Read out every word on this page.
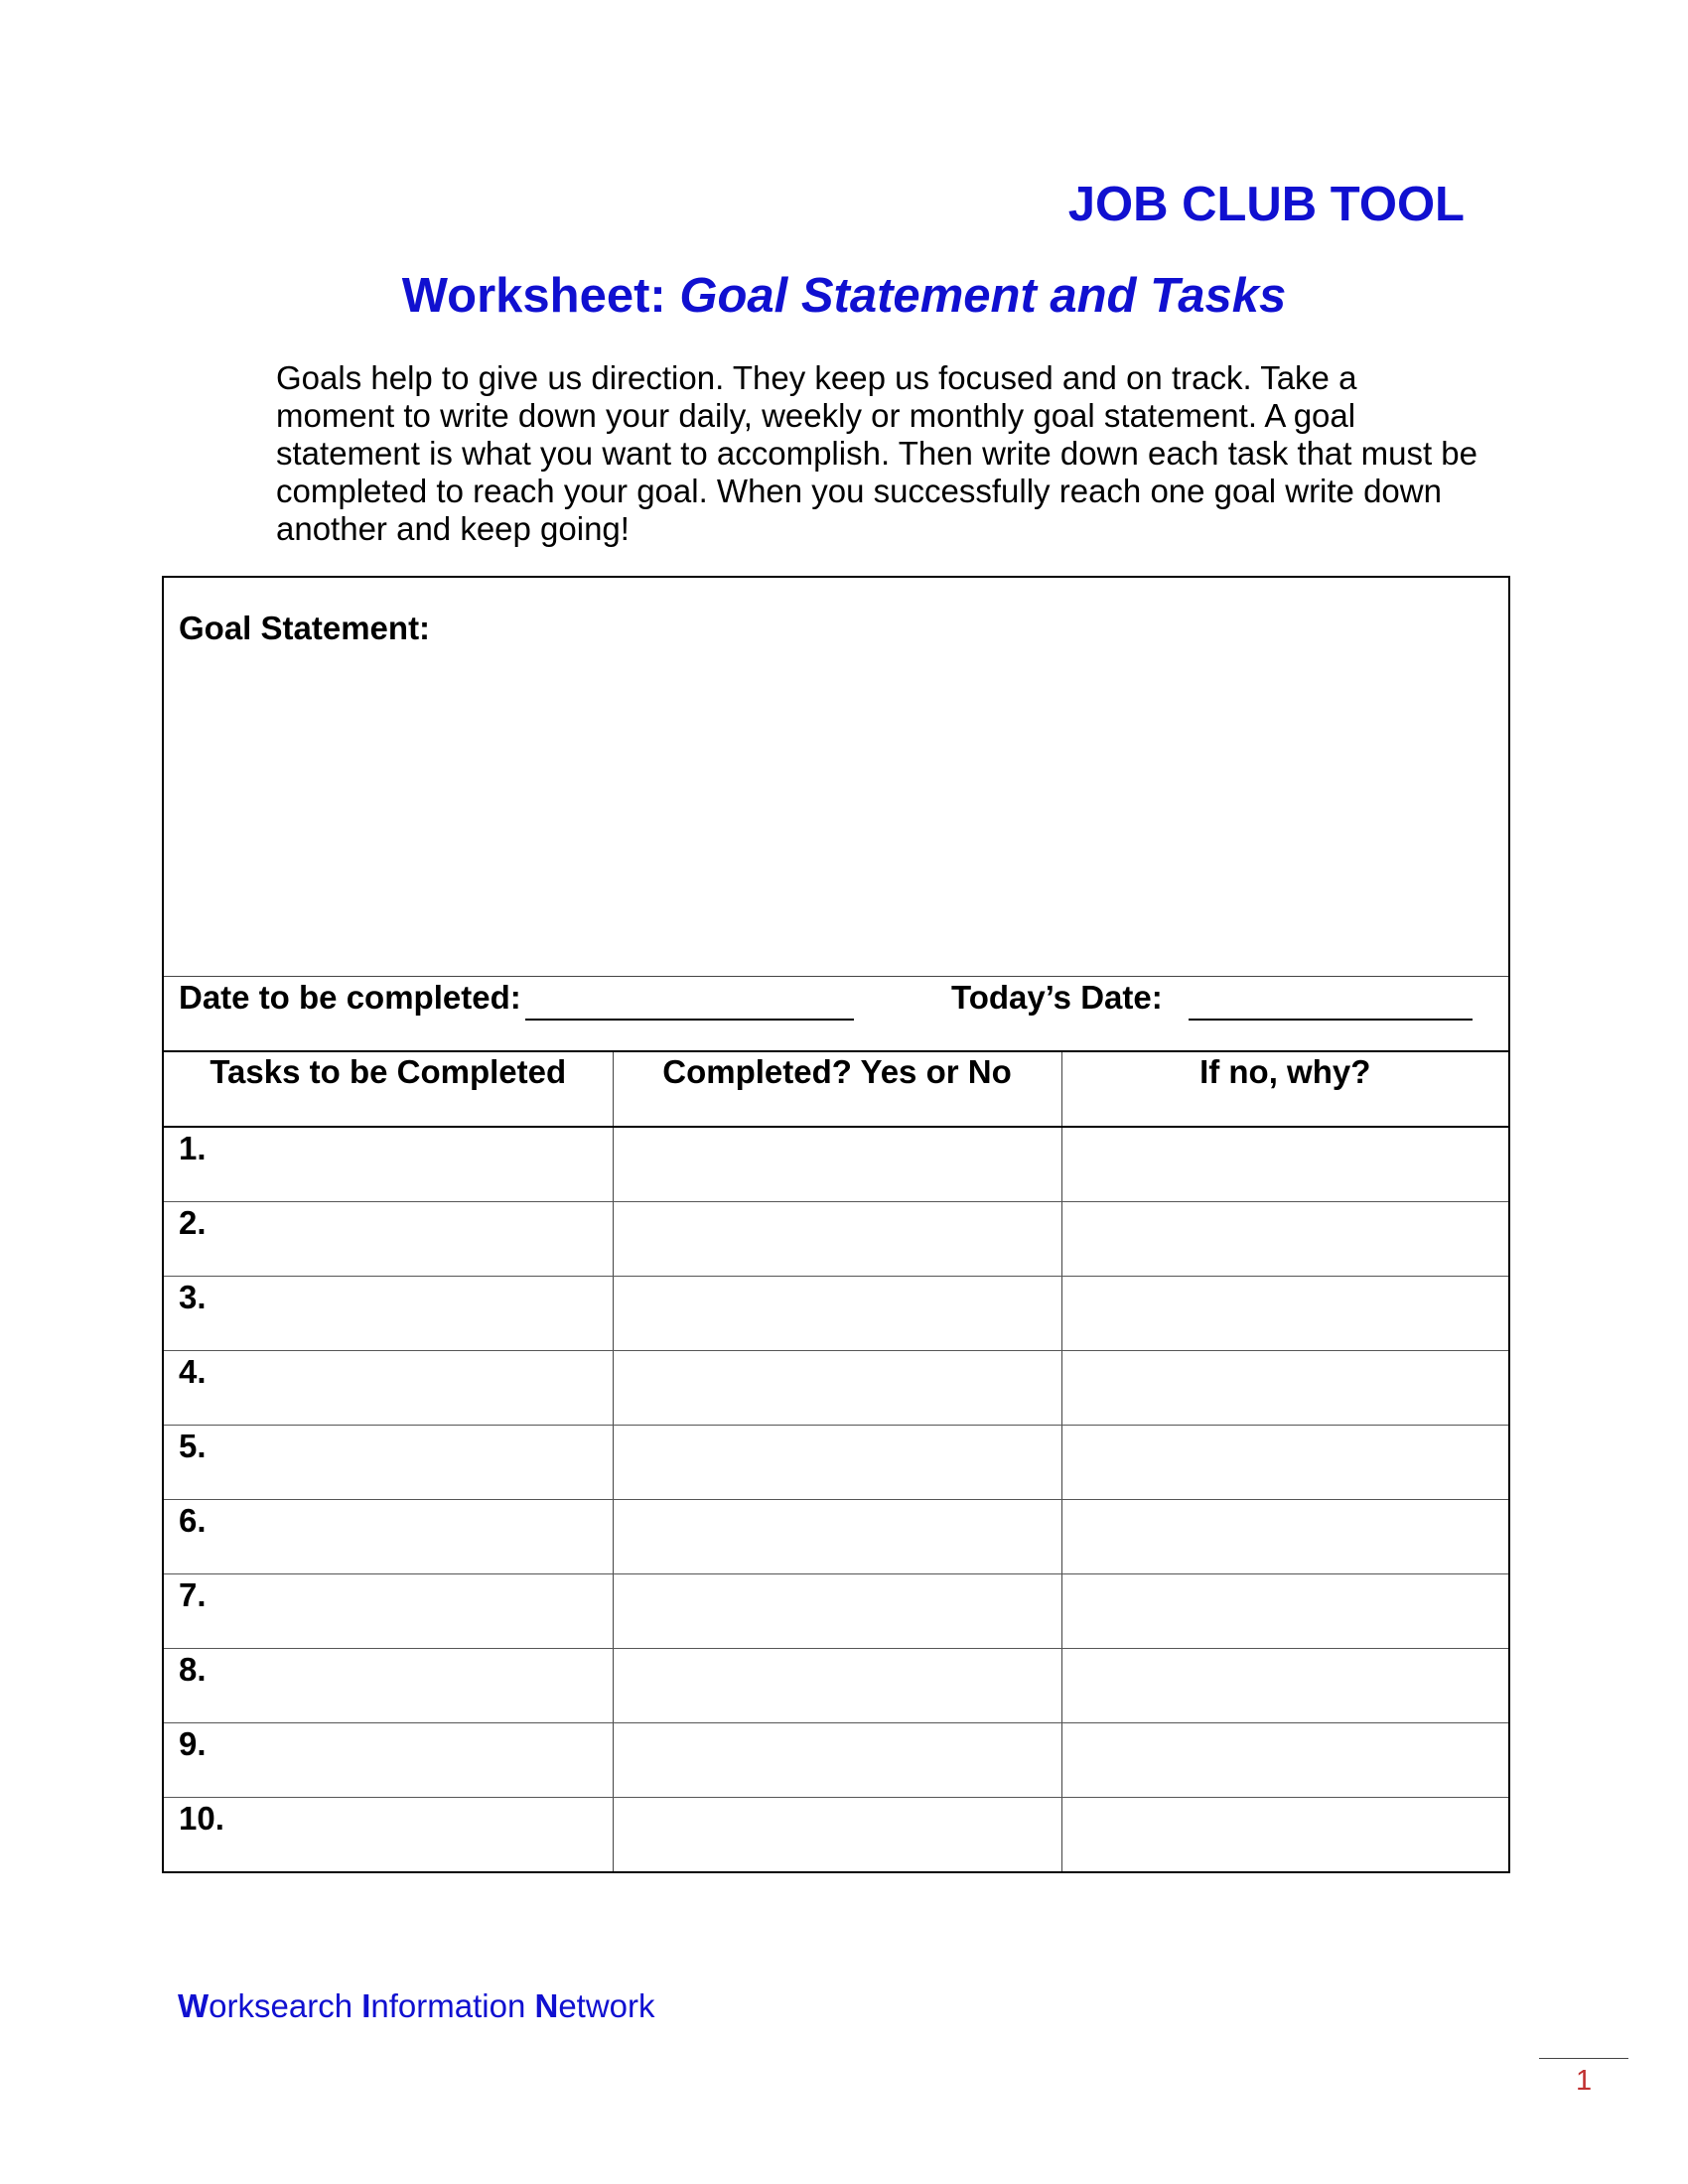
JOB CLUB TOOL
Worksheet: Goal Statement and Tasks

Goals help to give us direction. They keep us focused and on track. Take a
moment to write down your daily, weekly or monthly goal statement. A goal
statement is what you want to accomplish. Then write down each task that must be
completed to reach your goal. When you successfully reach one goal write down
another and keep going!

Goal Statement:
Date to be completed:	Today’s Date:
Tasks to be Completed	Completed? Yes or No	If no, why?
1.		
2.		
3.		
4.		
5.		
6.		
7.		
8.		
9.		
10.		
Worksearch Information Network
1
